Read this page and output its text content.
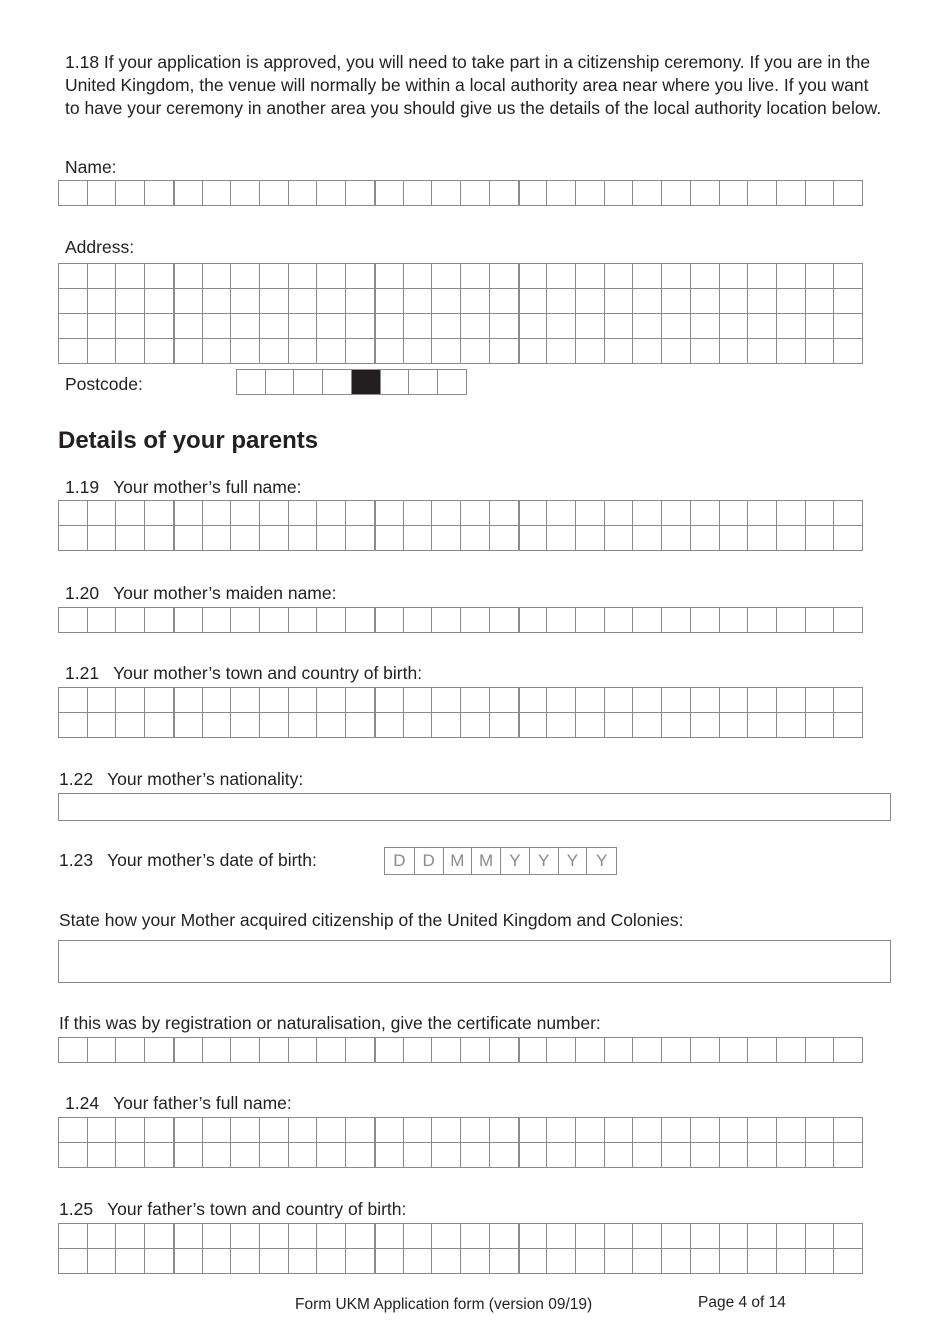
1.18 If your application is approved, you will need to take part in a citizenship ceremony. If you are in the United Kingdom, the venue will normally be within a local authority area near where you live. If you want to have your ceremony in another area you should give us the details of the local authority location below.
Name:
Address:
Postcode:
Details of your parents
1.19 Your mother’s full name:
1.20 Your mother’s maiden name:
1.21 Your mother’s town and country of birth:
1.22 Your mother’s nationality:
1.23 Your mother’s date of birth:	D D M M Y	Y	Y	Y
State how your Mother acquired citizenship of the United Kingdom and Colonies:
If this was by registration or naturalisation, give the certificate number:
1.24 Your father’s full name:
1.25 Your father’s town and country of birth:
Form UKM Application form (version 09/19)	Page 4 of 14
